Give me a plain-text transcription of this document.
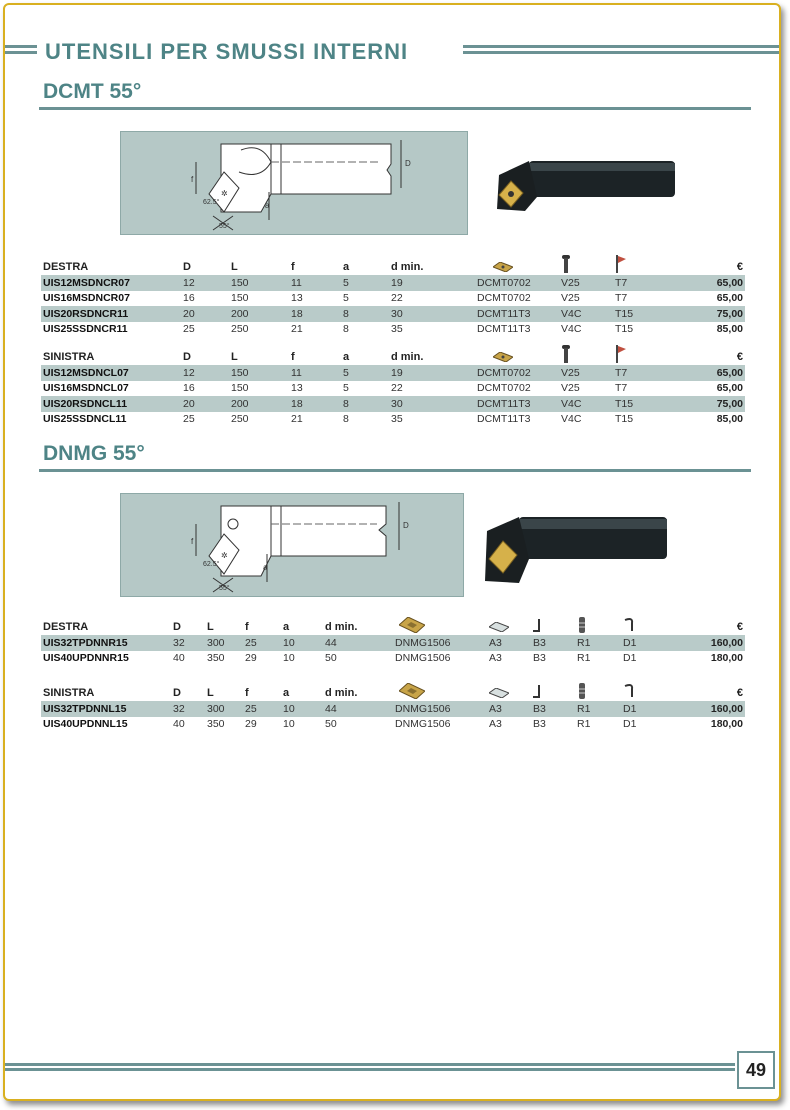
UTENSILI PER SMUSSI INTERNI
DCMT 55°
✲
f
a
D
62.5°
55°
DESTRA	D	L	f	a	d min.				€
UIS12MSDNCR07	12	150	11	5	19	DCMT0702	V25	T7	65,00
UIS16MSDNCR07	16	150	13	5	22	DCMT0702	V25	T7	65,00
UIS20RSDNCR11	20	200	18	8	30	DCMT11T3	V4C	T15	75,00
UIS25SSDNCR11	25	250	21	8	35	DCMT11T3	V4C	T15	85,00
SINISTRA	D	L	f	a	d min.				€
UIS12MSDNCL07	12	150	11	5	19	DCMT0702	V25	T7	65,00
UIS16MSDNCL07	16	150	13	5	22	DCMT0702	V25	T7	65,00
UIS20RSDNCL11	20	200	18	8	30	DCMT11T3	V4C	T15	75,00
UIS25SSDNCL11	25	250	21	8	35	DCMT11T3	V4C	T15	85,00
DNMG 55°
✲
f
a
D
62.5°
55°
DESTRA	D	L	f	a	d min.						€
UIS32TPDNNR15	32	300	25	10	44	DNMG1506	A3	B3	R1	D1	160,00
UIS40UPDNNR15	40	350	29	10	50	DNMG1506	A3	B3	R1	D1	180,00
SINISTRA	D	L	f	a	d min.						€
UIS32TPDNNL15	32	300	25	10	44	DNMG1506	A3	B3	R1	D1	160,00
UIS40UPDNNL15	40	350	29	10	50	DNMG1506	A3	B3	R1	D1	180,00
49
